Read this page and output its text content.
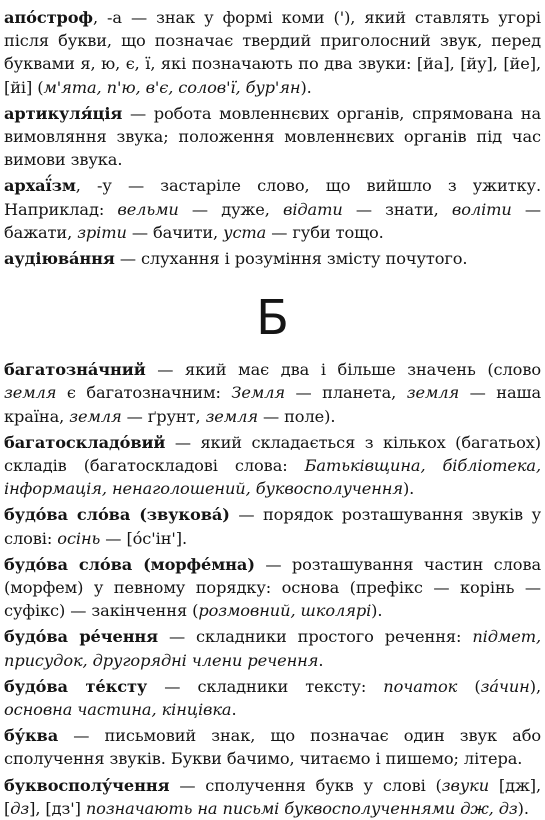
апо́строф, -а — знак у формі коми ('), який ставлять угорі після букви, що позначає твердий приголосний звук, перед буквами я, ю, є, ї, які позначають по два звуки: [йа], [йу], [йе], [йі] (м'ята, п'ю, в'є, солов'ї, бур'ян).

артикуля́ція — робота мовленнєвих органів, спрямована на вимовляння звука; положення мовленнєвих органів під час вимови звука.

архаї́зм, -у — застаріле слово, що вийшло з ужитку. Наприклад: вельми — дуже, відати — знати, воліти — бажати, зріти — бачити, уста — губи тощо.

аудіюва́ння — слухання і розуміння змісту почутого.

Б

багатозна́чний — який має два і більше значень (слово земля є багатозначним: Земля — планета, земля — наша країна, земля — ґрунт, земля — поле).

багатоскладо́вий — який складається з кількох (багатьох) складів (багатоскладові слова: Батьківщина, бібліотека, інформація, ненаголошений, буквосполучення).

будо́ва сло́ва (звукова́) — порядок розташування звуків у слові: осінь — [о́с'ін'].

будо́ва сло́ва (морфе́мна) — розташування частин слова (морфем) у певному порядку: основа (префікс — корінь — суфікс) — закінчення (розмовний, школярі).

будо́ва ре́чення — складники простого речення: підмет, присудок, другорядні члени речення.

будо́ва те́ксту — складники тексту: початок (за́чин), основна частина, кінцівка.

бу́ква — письмовий знак, що позначає один звук або сполучення звуків. Букви бачимо, читаємо і пишемо; літера.

буквосполу́чення — сполучення букв у слові (звуки [дж], [дз], [дз'] позначають на письмі буквосполученнями дж, дз).
